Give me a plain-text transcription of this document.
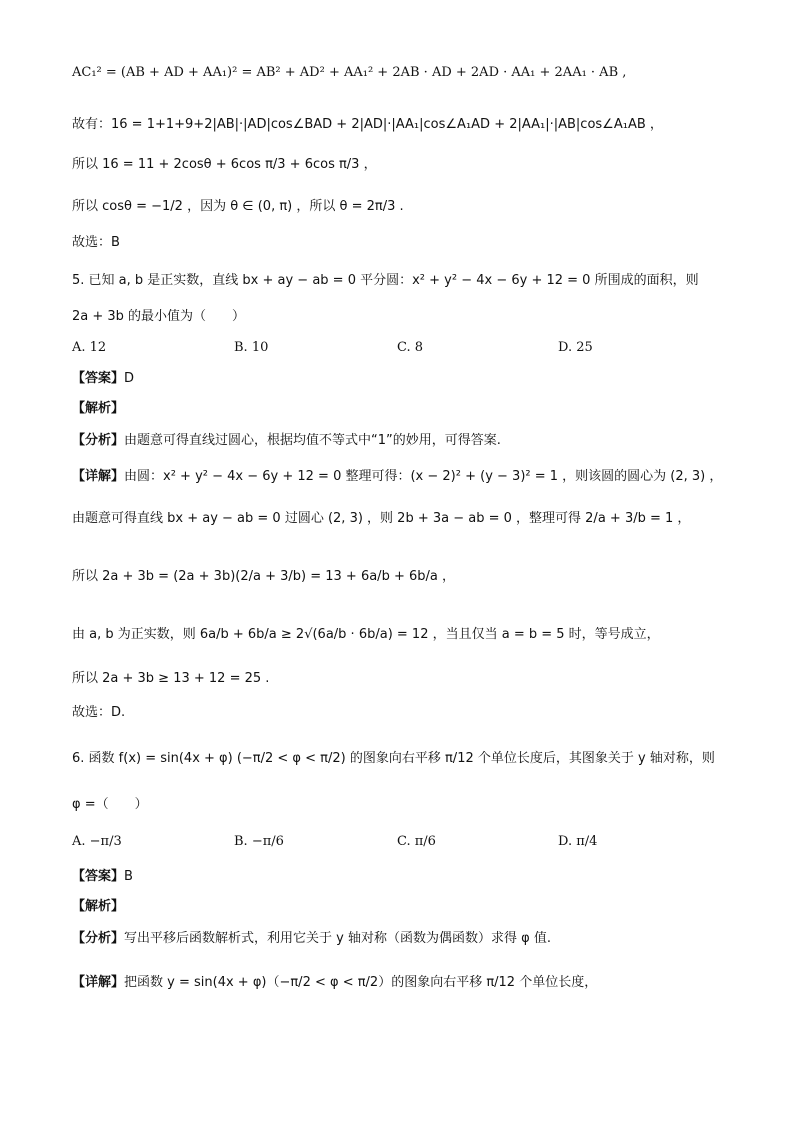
AC₁² = (AB + AD + AA₁)² = AB² + AD² + AA₁² + 2AB · AD + 2AD · AA₁ + 2AA₁ · AB ,
故有：16 = 1+1+9+2|AB|·|AD|cos∠BAD + 2|AD|·|AA₁|cos∠A₁AD + 2|AA₁|·|AB|cos∠A₁AB ，
所以 16 = 11 + 2cosθ + 6cos π/3 + 6cos π/3 ，
所以 cosθ = −1/2 ，因为 θ ∈ (0, π) ，所以 θ = 2π/3 .
故选：B
5. 已知 a, b 是正实数，直线 bx + ay − ab = 0 平分圆：x² + y² − 4x − 6y + 12 = 0 所围成的面积，则
2a + 3b 的最小值为（　　）
A. 12	B. 10	C. 8	D. 25
【答案】D
【解析】
【分析】由题意可得直线过圆心，根据均值不等式中“1”的妙用，可得答案.
【详解】由圆：x² + y² − 4x − 6y + 12 = 0 整理可得：(x − 2)² + (y − 3)² = 1 ，则该圆的圆心为 (2, 3) ，
由题意可得直线 bx + ay − ab = 0 过圆心 (2, 3) ，则 2b + 3a − ab = 0 ，整理可得 2/a + 3/b = 1 ，
所以 2a + 3b = (2a + 3b)(2/a + 3/b) = 13 + 6a/b + 6b/a ，
由 a, b 为正实数，则 6a/b + 6b/a ≥ 2√(6a/b · 6b/a) = 12 ，当且仅当 a = b = 5 时，等号成立，
所以 2a + 3b ≥ 13 + 12 = 25 .
故选：D.
6. 函数 f(x) = sin(4x + φ) (−π/2 < φ < π/2) 的图象向右平移 π/12 个单位长度后，其图象关于 y 轴对称，则
φ =（　　）
A. −π/3	B. −π/6	C. π/6	D. π/4
【答案】B
【解析】
【分析】写出平移后函数解析式，利用它关于 y 轴对称（函数为偶函数）求得 φ 值.
【详解】把函数 y = sin(4x + φ)（−π/2 < φ < π/2）的图象向右平移 π/12 个单位长度，
